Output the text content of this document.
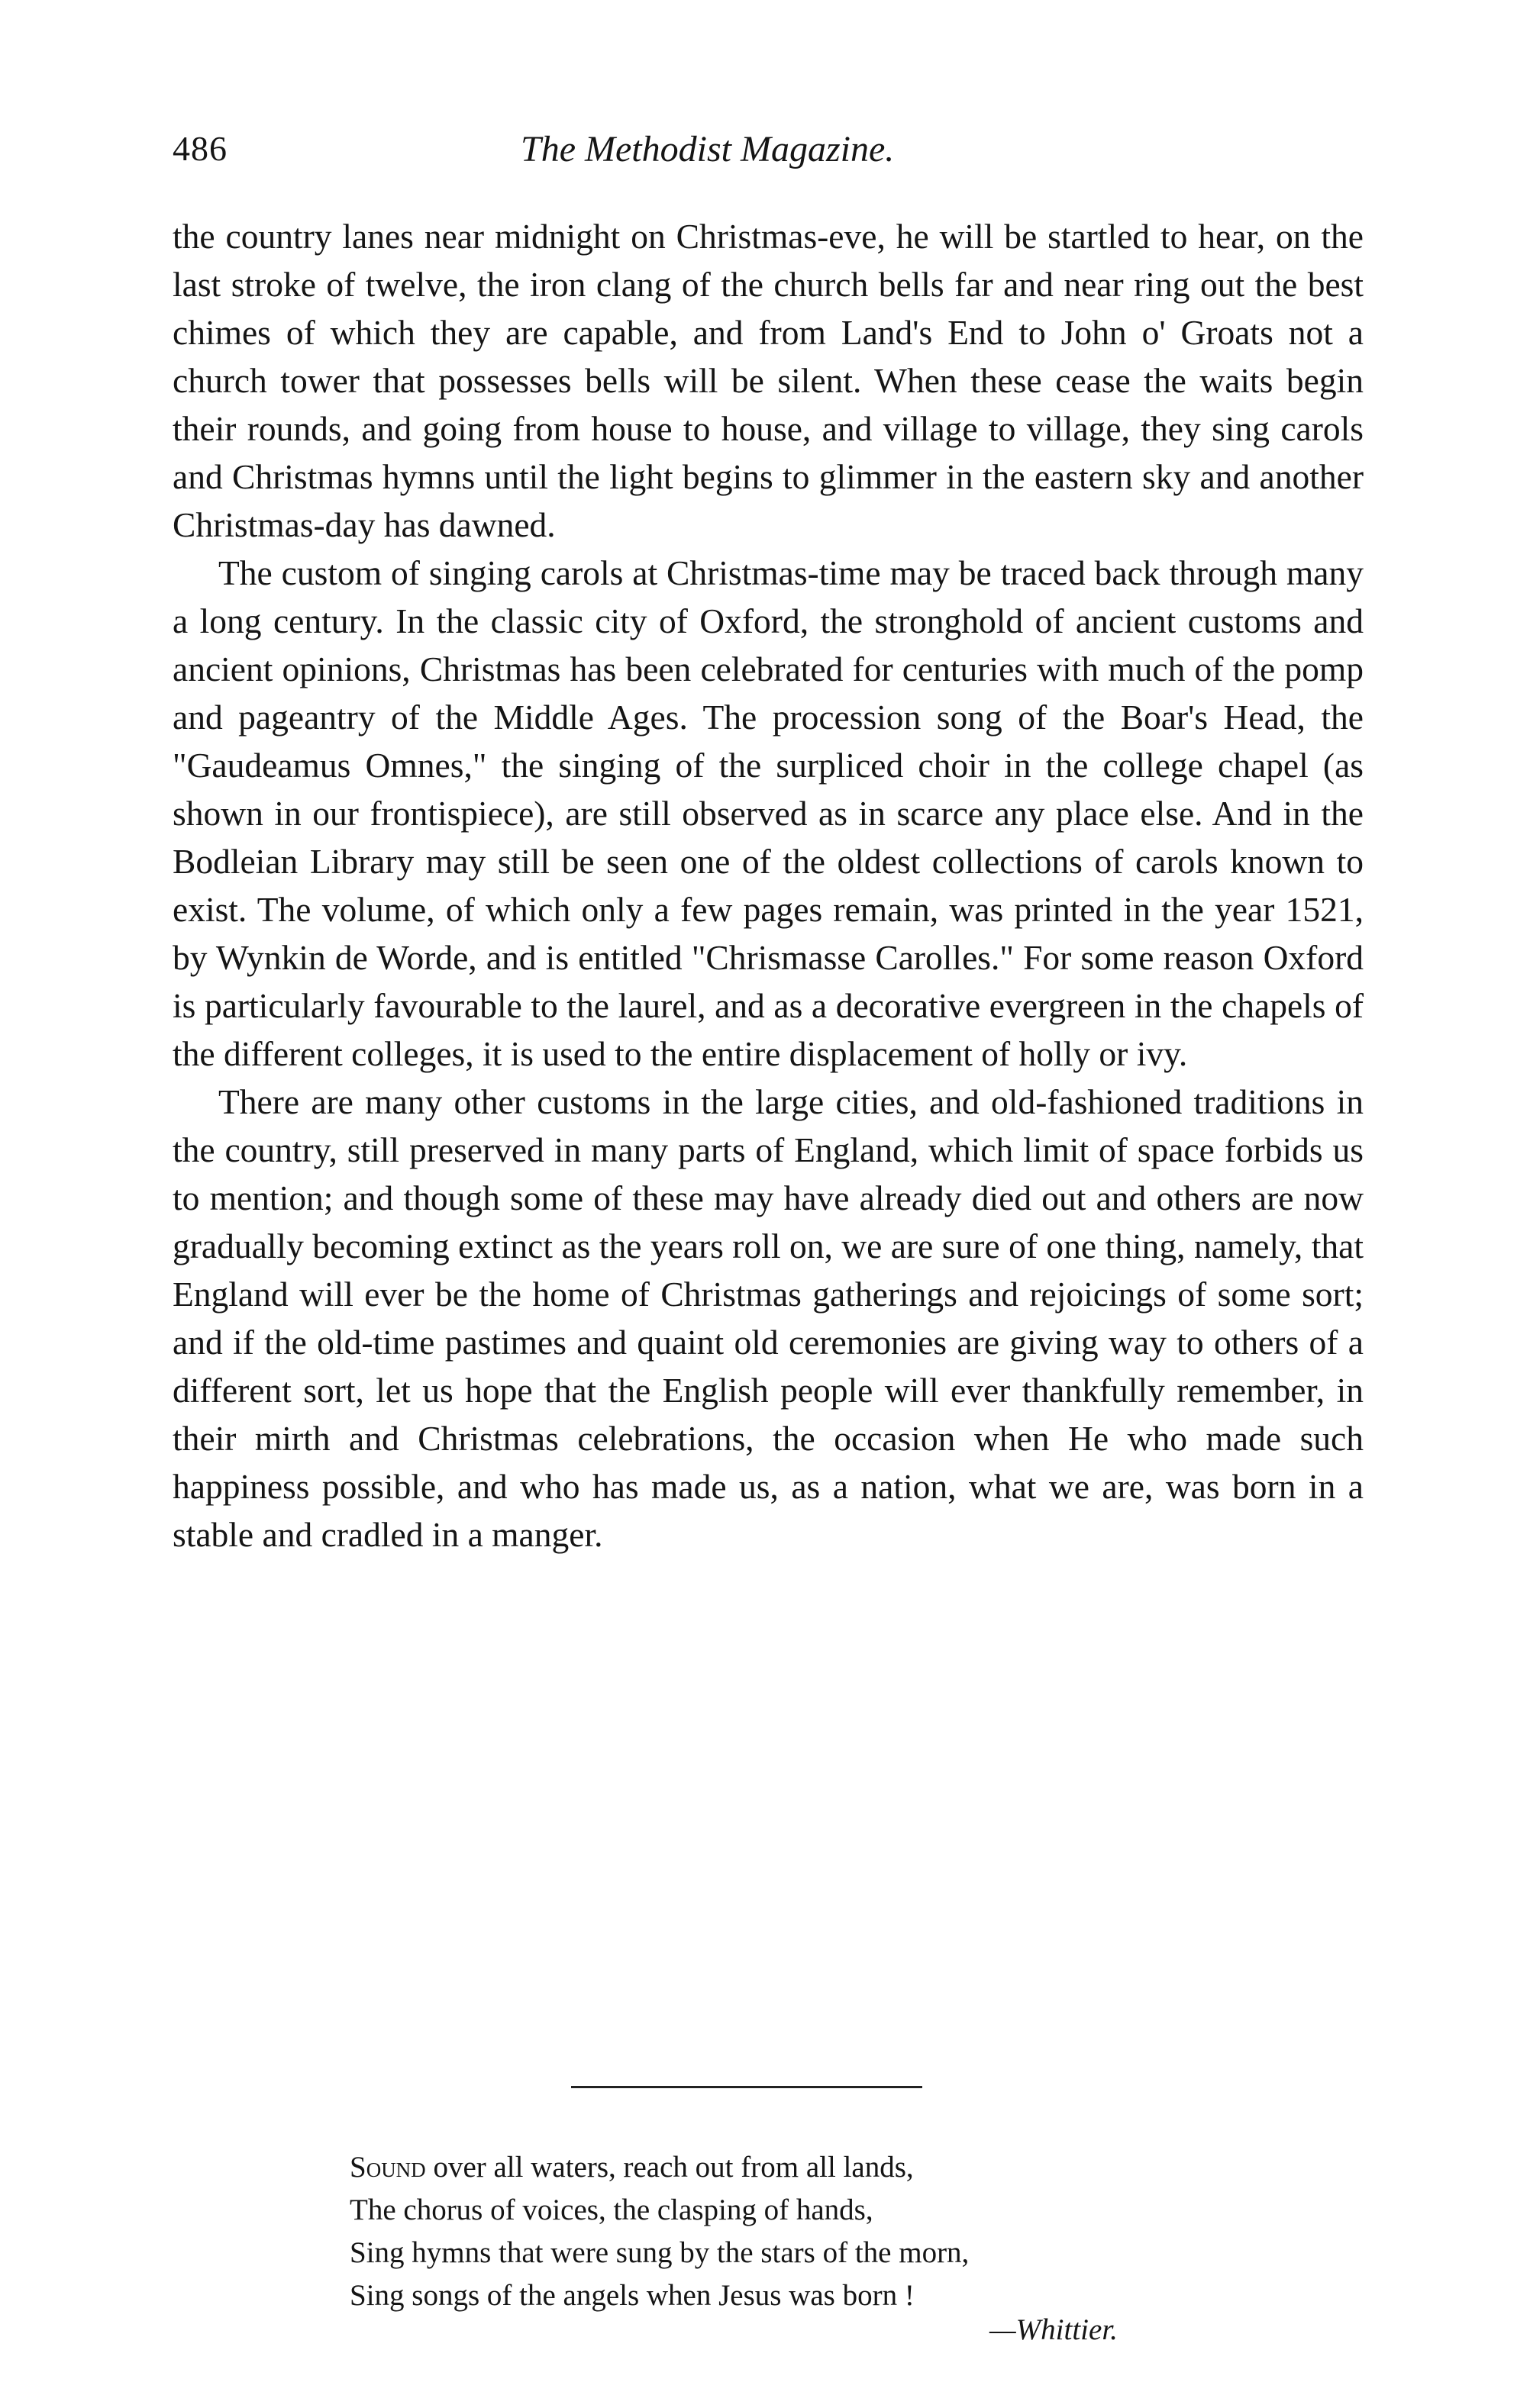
486	The Methodist Magazine.

the country lanes near midnight on Christmas-eve, he will be startled to hear, on the last stroke of twelve, the iron clang of the church bells far and near ring out the best chimes of which they are capable, and from Land's End to John o' Groats not a church tower that possesses bells will be silent. When these cease the waits begin their rounds, and going from house to house, and village to village, they sing carols and Christmas hymns until the light begins to glimmer in the eastern sky and another Christmas-day has dawned.

The custom of singing carols at Christmas-time may be traced back through many a long century. In the classic city of Oxford, the stronghold of ancient customs and ancient opinions, Christmas has been celebrated for centuries with much of the pomp and pageantry of the Middle Ages. The procession song of the Boar's Head, the "Gaudeamus Omnes," the singing of the surpliced choir in the college chapel (as shown in our frontispiece), are still observed as in scarce any place else. And in the Bodleian Library may still be seen one of the oldest collections of carols known to exist. The volume, of which only a few pages remain, was printed in the year 1521, by Wynkin de Worde, and is entitled "Chrismasse Carolles." For some reason Oxford is particularly favourable to the laurel, and as a decorative evergreen in the chapels of the different colleges, it is used to the entire displacement of holly or ivy.

There are many other customs in the large cities, and old-fashioned traditions in the country, still preserved in many parts of England, which limit of space forbids us to mention; and though some of these may have already died out and others are now gradually becoming extinct as the years roll on, we are sure of one thing, namely, that England will ever be the home of Christmas gatherings and rejoicings of some sort; and if the old-time pastimes and quaint old ceremonies are giving way to others of a different sort, let us hope that the English people will ever thankfully remember, in their mirth and Christmas celebrations, the occasion when He who made such happiness possible, and who has made us, as a nation, what we are, was born in a stable and cradled in a manger.

Sound over all waters, reach out from all lands,
The chorus of voices, the clasping of hands,
Sing hymns that were sung by the stars of the morn,
Sing songs of the angels when Jesus was born !
—Whittier.
